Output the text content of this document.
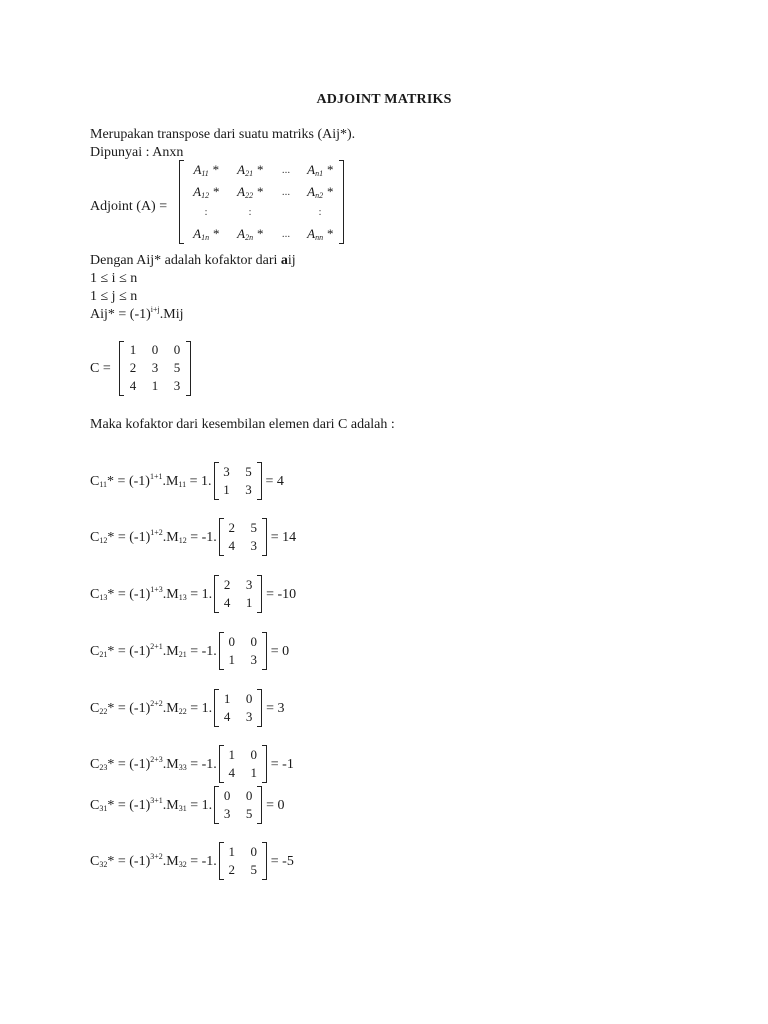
ADJOINT MATRIKS
Merupakan transpose dari suatu matriks (Aij*).
Dipunyai : Anxn
Adjoint (A) =
$A_{11}$ *	$A_{21}$ *	...	$A_{n1}$ *
$A_{12}$ *	$A_{22}$ *	...	$A_{n2}$ *
:	:	:
$A_{1n}$ *	$A_{2n}$ *	...	$A_{nn}$ *
Dengan Aij* adalah kofaktor dari aij
1 ≤ i ≤ n
1 ≤ j ≤ n
$Aij* = (-1)^{i+j}.Mij$
C =
1	0	0
2	3	5
4	1	3
Maka kofaktor dari kesembilan elemen dari C adalah :
$C_{11}* = (-1)^{1+1}.M_{11} = 1$.
3	5
1	3
= 4
$C_{12}* = (-1)^{1+2}.M_{12} = -1$.
2	5
4	3
= 14
$C_{13}* = (-1)^{1+3}.M_{13} = 1$.
2	3
4	1
= -10
$C_{21}* = (-1)^{2+1}.M_{21} = -1$.
0	0
1	3
= 0
$C_{22}* = (-1)^{2+2}.M_{22} = 1$.
1	0
4	3
= 3
$C_{23}* = (-1)^{2+3}.M_{33} = -1$.
1	0
4	1
= -1
$C_{31}* = (-1)^{3+1}.M_{31} = 1$.
0	0
3	5
= 0
$C_{32}* = (-1)^{3+2}.M_{32} = -1$.
1	0
2	5
= -5
